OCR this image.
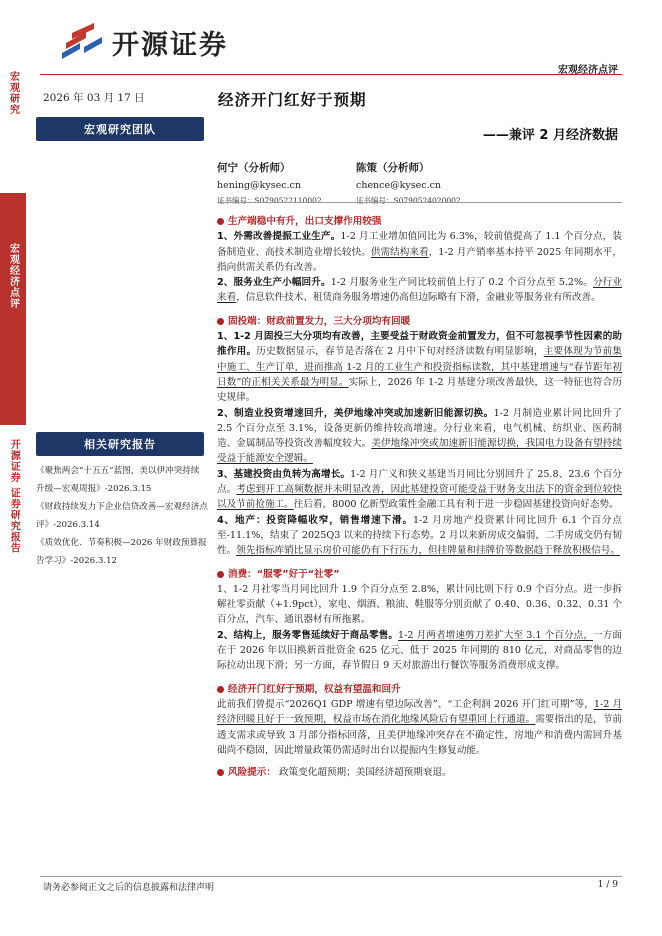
开源证券
宏观经济点评
宏观研究
宏观经济点评
开源证券 证券研究报告
2026 年 03 月 17 日
宏观研究团队
经济开门红好于预期
——兼评 2 月经济数据
何宁（分析师）
hening@kysec.cn
证书编号：S0790522110002
陈策（分析师）
chence@kysec.cn
证书编号：S0790524020002
相关研究报告
《聚焦两会“十五五”蓝图，美以伊冲突持续升级—宏观周报》-2026.3.15
《财政持续发力下企业信贷改善—宏观经济点评》-2026.3.14
《质效优化、节奏积极—2026 年财政预算报告学习》-2026.3.12
生产端稳中有升，出口支撑作用较强
1、外需改善提振工业生产。1-2 月工业增加值同比为 6.3%，较前值提高了 1.1 个百分点，装备制造业、高技术制造业增长较快。供需结构来看，1-2 月产销率基本持平 2025 年同期水平，指向供需关系仍有改善。
2、服务业生产小幅回升。1-2 月服务业生产同比较前值上行了 0.2 个百分点至 5.2%。分行业来看，信息软件技术、租赁商务服务增速仍高但边际略有下滑，金融业等服务业有所改善。
固投端：财政前置发力，三大分项均有回暖
1、1-2 月固投三大分项均有改善，主要受益于财政资金前置发力，但不可忽视季节性因素的助推作用。历史数据显示，春节是否落在 2 月中下旬对经济读数有明显影响，主要体现为节前集中施工、生产订单，进而推高 1-2 月的工业生产和投资指标读数，其中基建增速与“春节距年初日数”的正相关关系最为明显。实际上，2026 年 1-2 月基建分项改善最快，这一特征也符合历史规律。
2、制造业投资增速回升，美伊地缘冲突或加速新旧能源切换。1-2 月制造业累计同比回升了 2.5 个百分点至 3.1%，设备更新仍维持较高增速。分行业来看，电气机械、纺织业、医药制造、金属制品等投资改善幅度较大。美伊地缘冲突或加速新旧能源切换，我国电力设备有望持续受益于能源安全逻辑。
3、基建投资由负转为高增长。1-2 月广义和狭义基建当月同比分别回升了 25.8、23.6 个百分点。考虑到开工高频数据并未明显改善，因此基建投资可能受益于财务支出法下的资金到位较快以及节前抢施工。往后看，8000 亿新型政策性金融工具有利于进一步稳固基建投资向好态势。
4、地产：投资降幅收窄，销售增速下滑。1-2 月房地产投资累计同比回升 6.1 个百分点至-11.1%，结束了 2025Q3 以来的持续下行态势。2 月以来新房成交偏弱，二手房成交仍有韧性。领先指标库销比显示房价可能仍有下行压力，但挂牌量和挂牌价等数据趋于释放积极信号。
消费：“服零”好于“社零”
1、1-2 月社零当月同比回升 1.9 个百分点至 2.8%，累计同比则下行 0.9 个百分点。进一步拆解社零贡献（+1.9pct），家电、烟酒、粮油、鞋服等分别贡献了 0.40、0.36、0.32、0.31 个百分点，汽车、通讯器材有所拖累。
2、结构上，服务零售延续好于商品零售。1-2 月两者增速剪刀差扩大至 3.1 个百分点，一方面在于 2026 年以旧换新首批资金 625 亿元、低于 2025 年同期的 810 亿元，对商品零售的边际拉动出现下滑；另一方面，春节假日 9 天对旅游出行餐饮等服务消费形成支撑。
经济开门红好于预期，权益有望温和回升
此前我们曾提示“2026Q1 GDP 增速有望边际改善”、“工企利润 2026 开门红可期”等，1-2 月经济回暖且好于一致预期，权益市场在消化地缘风险后有望重回上行通道。需要指出的是，节前透支需求或导致 3 月部分指标回落，且美伊地缘冲突存在不确定性，房地产和消费内需回升基础尚不稳固，因此增量政策仍需适时出台以提振内生修复动能。
风险提示： 政策变化超预期；美国经济超预期衰退。
请务必参阅正文之后的信息披露和法律声明	1 / 9
